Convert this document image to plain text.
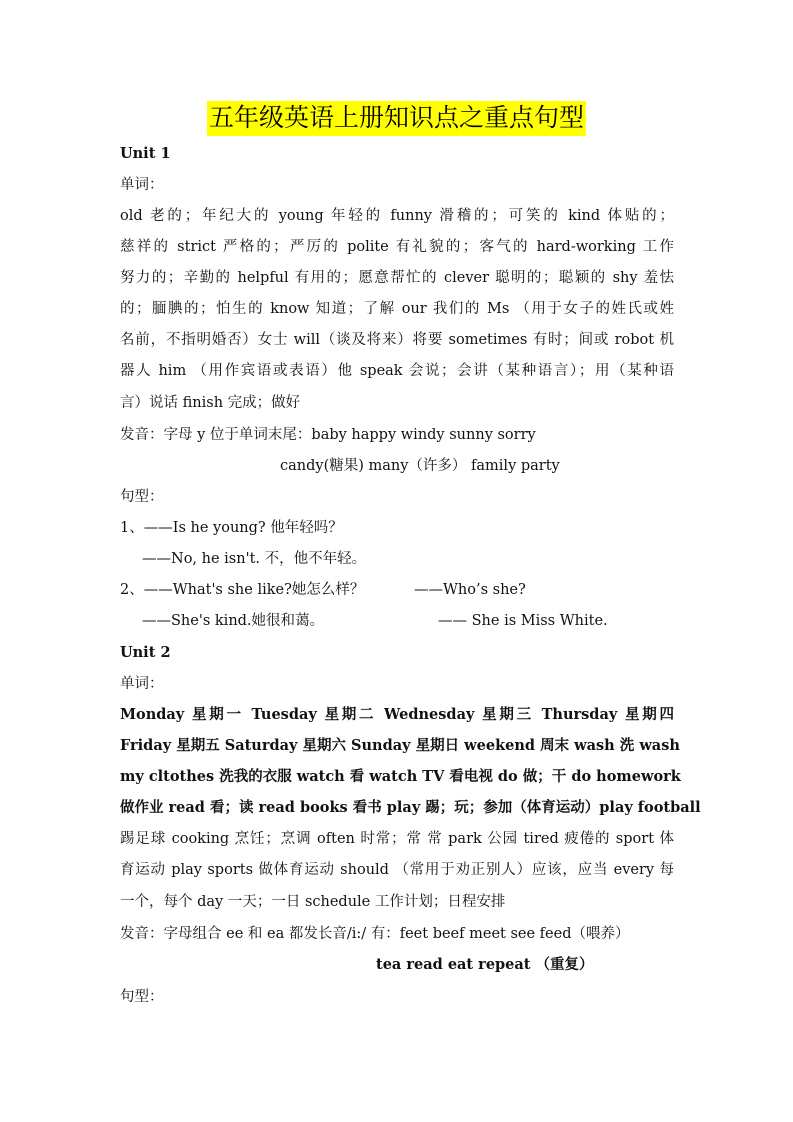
五年级英语上册知识点之重点句型
Unit 1
单词：
old 老的；年纪大的 young 年轻的 funny 滑稽的；可笑的 kind 体贴的；
慈祥的 strict 严格的；严厉的 polite 有礼貌的；客气的 hard-working 工作
努力的；辛勤的 helpful 有用的；愿意帮忙的 clever 聪明的；聪颖的 shy 羞怯
的；腼腆的；怕生的 know 知道；了解 our 我们的 Ms （用于女子的姓氏或姓
名前，不指明婚否）女士 will（谈及将来）将要 sometimes 有时；间或 robot 机
器人 him （用作宾语或表语）他 speak 会说；会讲（某种语言）；用（某种语
言）说话 finish 完成；做好
发音：字母 y 位于单词末尾：baby happy windy sunny sorry
candy(糖果) many（许多） family party
句型：
1、——Is he young? 他年轻吗？
——No, he isn't. 不，他不年轻。
2、——What's she like?她怎么样？	——Who’s she?
——She's kind.她很和蔼。	—— She is Miss White.
Unit 2
单词：
Monday 星期一 Tuesday 星期二 Wednesday 星期三 Thursday 星期四
Friday 星期五 Saturday 星期六 Sunday 星期日 weekend 周末 wash 洗 wash
my cltothes 洗我的衣服 watch 看 watch TV 看电视 do 做；干 do homework
做作业 read 看；读 read books 看书 play 踢；玩；参加（体育运动）play football
踢足球 cooking 烹饪；烹调 often 时常；常 常 park 公园 tired 疲倦的 sport 体
育运动 play sports 做体育运动 should （常用于劝正别人）应该，应当 every 每
一个，每个 day 一天；一日 schedule 工作计划；日程安排
发音：字母组合 ee 和 ea 都发长音/i:/ 有：feet beef meet see feed（喂养）
tea read eat repeat （重复）
句型：
